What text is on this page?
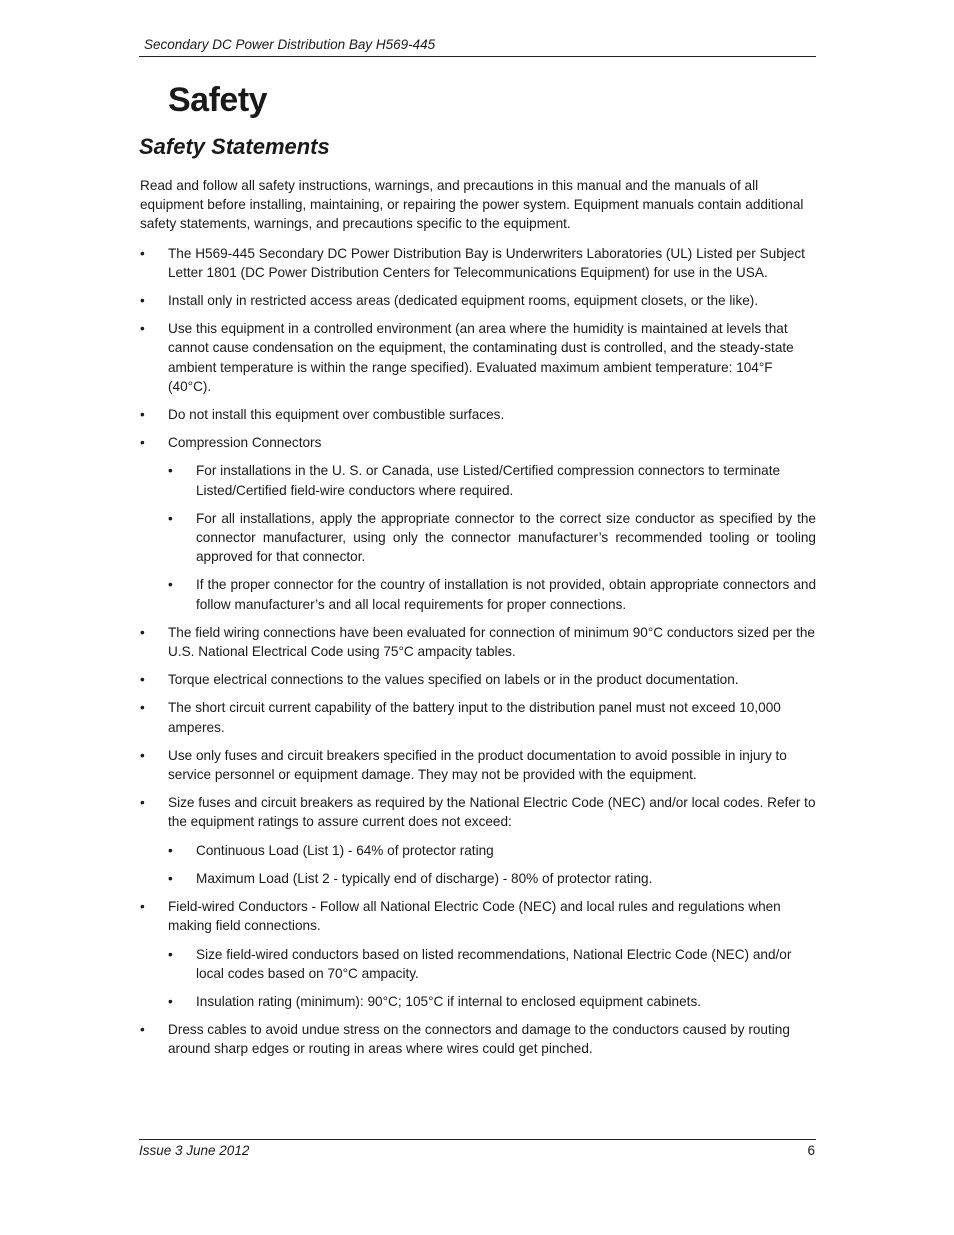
Secondary DC Power Distribution Bay H569-445
Safety
Safety Statements

Read and follow all safety instructions, warnings, and precautions in this manual and the manuals of all equipment before installing, maintaining, or repairing the power system. Equipment manuals contain additional safety statements, warnings, and precautions specific to the equipment.

• The H569-445 Secondary DC Power Distribution Bay is Underwriters Laboratories (UL) Listed per Subject Letter 1801 (DC Power Distribution Centers for Telecommunications Equipment) for use in the USA.
• Install only in restricted access areas (dedicated equipment rooms, equipment closets, or the like).
• Use this equipment in a controlled environment (an area where the humidity is maintained at levels that cannot cause condensation on the equipment, the contaminating dust is controlled, and the steady-state ambient temperature is within the range specified). Evaluated maximum ambient temperature: 104°F (40°C).
• Do not install this equipment over combustible surfaces.
• Compression Connectors
• For installations in the U. S. or Canada, use Listed/Certified compression connectors to terminate Listed/Certified field-wire conductors where required.
• For all installations, apply the appropriate connector to the correct size conductor as specified by the connector manufacturer, using only the connector manufacturer’s recommended tooling or tooling approved for that connector.
• If the proper connector for the country of installation is not provided, obtain appropriate connectors and follow manufacturer’s and all local requirements for proper connections.
• The field wiring connections have been evaluated for connection of minimum 90°C conductors sized per the U.S. National Electrical Code using 75°C ampacity tables.
• Torque electrical connections to the values specified on labels or in the product documentation.
• The short circuit current capability of the battery input to the distribution panel must not exceed 10,000 amperes.
• Use only fuses and circuit breakers specified in the product documentation to avoid possible in injury to service personnel or equipment damage. They may not be provided with the equipment.
• Size fuses and circuit breakers as required by the National Electric Code (NEC) and/or local codes. Refer to the equipment ratings to assure current does not exceed:
• Continuous Load (List 1) - 64% of protector rating
• Maximum Load (List 2 - typically end of discharge) - 80% of protector rating.
• Field-wired Conductors - Follow all National Electric Code (NEC) and local rules and regulations when making field connections.
• Size field-wired conductors based on listed recommendations, National Electric Code (NEC) and/or local codes based on 70°C ampacity.
• Insulation rating (minimum): 90°C; 105°C if internal to enclosed equipment cabinets.
• Dress cables to avoid undue stress on the connectors and damage to the conductors caused by routing around sharp edges or routing in areas where wires could get pinched.
Issue 3 June 2012	6
